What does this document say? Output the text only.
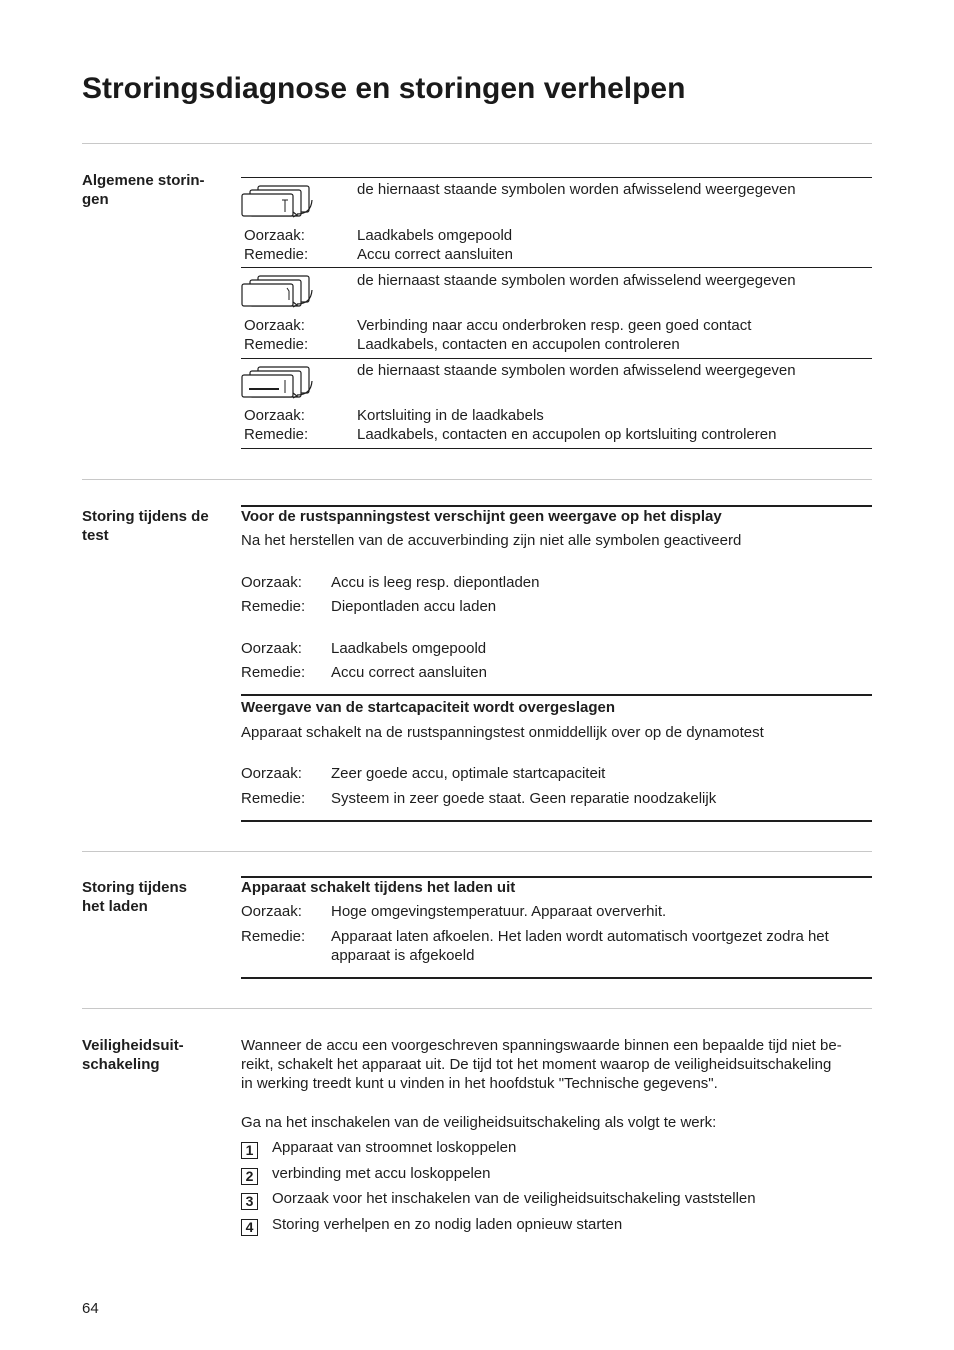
Stroringsdiagnose en storingen verhelpen
Algemene storin-
gen
de hiernaast staande symbolen worden afwisselend weergegeven
Oorzaak:	Laadkabels omgepoold
Remedie:	Accu correct aansluiten
de hiernaast staande symbolen worden afwisselend weergegeven
Oorzaak:	Verbinding naar accu onderbroken resp. geen goed contact
Remedie:	Laadkabels, contacten en accupolen controleren
de hiernaast staande symbolen worden afwisselend weergegeven
Oorzaak:	Kortsluiting in de laadkabels
Remedie:	Laadkabels, contacten en accupolen op kortsluiting controleren
Storing tijdens de
test
Voor de rustspanningstest verschijnt geen weergave op het display
Na het herstellen van de accuverbinding zijn niet alle symbolen geactiveerd
Oorzaak: Accu is leeg resp. diepontladen
Remedie: Diepontladen accu laden
Oorzaak: Laadkabels omgepoold
Remedie: Accu correct aansluiten
Weergave van de startcapaciteit wordt overgeslagen
Apparaat schakelt na de rustspanningstest onmiddellijk over op de dynamotest
Oorzaak: Zeer goede accu, optimale startcapaciteit
Remedie: Systeem in zeer goede staat. Geen reparatie noodzakelijk
Storing tijdens
het laden
Apparaat schakelt tijdens het laden uit
Oorzaak: Hoge omgevingstemperatuur. Apparaat oververhit.
Remedie: Apparaat laten afkoelen. Het laden wordt automatisch voortgezet zodra het
apparaat is afgekoeld
Veiligheidsuit-
schakeling
Wanneer de accu een voorgeschreven spanningswaarde binnen een bepaalde tijd niet be-
reikt, schakelt het apparaat uit. De tijd tot het moment waarop de veiligheidsuitschakeling
in werking treedt kunt u vinden in het hoofdstuk "Technische gegevens".
Ga na het inschakelen van de veiligheidsuitschakeling als volgt te werk:
1	Apparaat van stroomnet loskoppelen
2	verbinding met accu loskoppelen
3	Oorzaak voor het inschakelen van de veiligheidsuitschakeling vaststellen
4	Storing verhelpen en zo nodig laden opnieuw starten
64
